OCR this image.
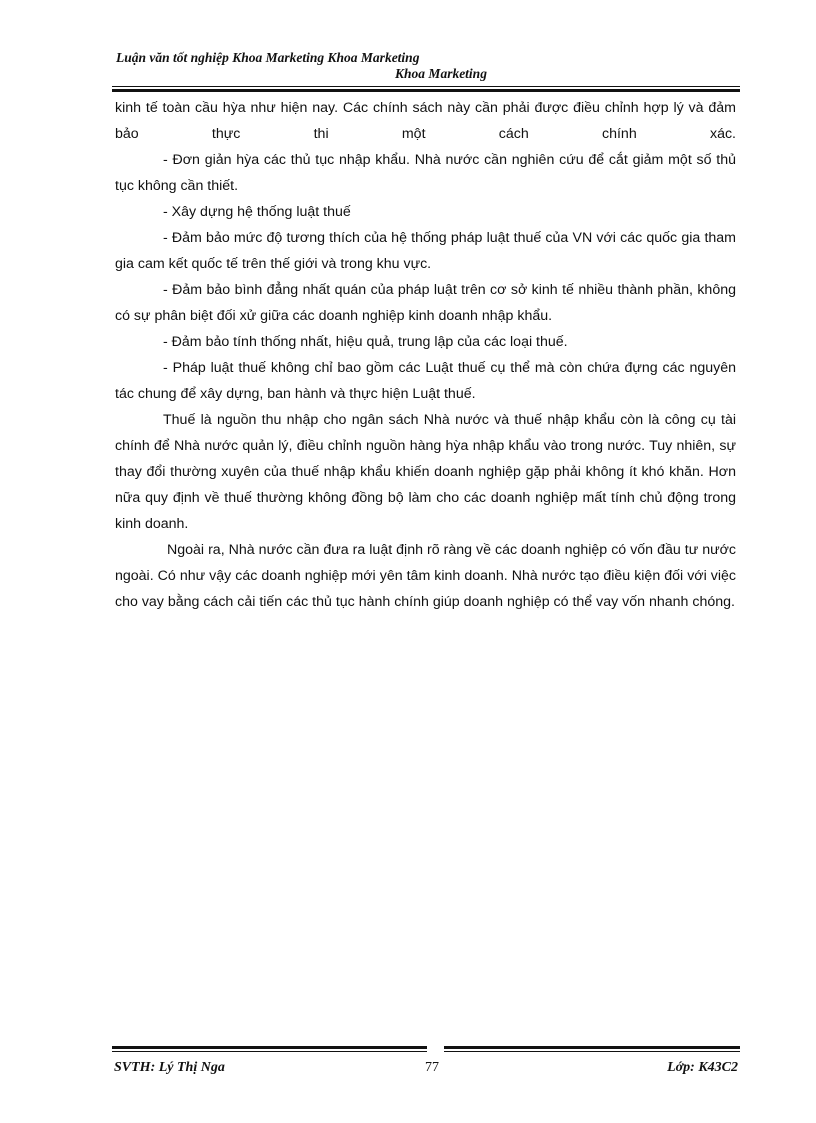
Luận văn tốt nghiệp Khoa Marketing Khoa Marketing

Khoa Marketing

kinh tế toàn cầu hỳa như hiện nay. Các chính sách này cần phải được điều chỉnh hợp lý và đảm bảo thực thi một cách chính xác.

- Đơn giản hỳa các thủ tục nhập khẩu. Nhà nước cần nghiên cứu để cắt giảm một số thủ tục không cần thiết.

- Xây dựng hệ thống luật thuế

- Đảm bảo mức độ tương thích của hệ thống pháp luật thuế của VN với các quốc gia tham gia cam kết quốc tế trên thế giới và trong khu vực.

- Đảm bảo bình đẳng nhất quán của pháp luật trên cơ sở kinh tế nhiều thành phần, không có sự phân biệt đối xử giữa các doanh nghiệp kinh doanh nhập khẩu.

- Đảm bảo tính thống nhất, hiệu quả, trung lập của các loại thuế.

- Pháp luật thuế không chỉ bao gồm các Luật thuế cụ thể mà còn chứa đựng các nguyên tác chung để xây dựng, ban hành và thực hiện Luật thuế.

Thuế là nguồn thu nhập cho ngân sách Nhà nước và thuế nhập khẩu còn là công cụ tài chính để Nhà nước quản lý, điều chỉnh nguồn hàng hỳa nhập khẩu vào trong nước. Tuy nhiên, sự thay đổi thường xuyên của thuế nhập khẩu khiến doanh nghiệp gặp phải không ít khó khăn. Hơn nữa quy định về thuế thường không đồng bộ làm cho các doanh nghiệp mất tính chủ động trong kinh doanh.

Ngoài ra, Nhà nước cần đưa ra luật định rõ ràng về các doanh nghiệp có vốn đầu tư nước ngoài. Có như vậy các doanh nghiệp mới yên tâm kinh doanh. Nhà nước tạo điều kiện đối với việc cho vay bằng cách cải tiến các thủ tục hành chính giúp doanh nghiệp có thể vay vốn nhanh chóng.

SVTH: Lý Thị Nga	77	Lớp: K43C2
